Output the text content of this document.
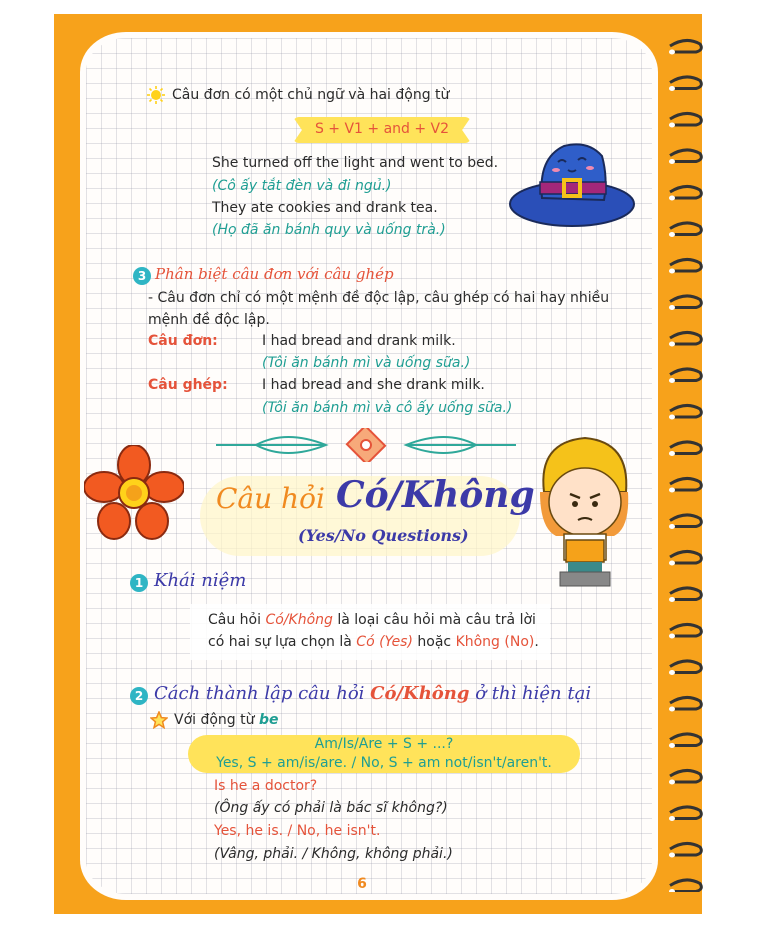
Câu đơn có một chủ ngữ và hai động từ
S + V1 + and + V2
She turned off the light and went to bed.
(Cô ấy tắt đèn và đi ngủ.)
They ate cookies and drank tea.
(Họ đã ăn bánh quy và uống trà.)
3 Phân biệt câu đơn với câu ghép
- Câu đơn chỉ có một mệnh đề độc lập, câu ghép có hai hay nhiều
mệnh đề độc lập.
Câu đơn:	I had bread and drank milk.
(Tôi ăn bánh mì và uống sữa.)
Câu ghép: I had bread and she drank milk.
(Tôi ăn bánh mì và cô ấy uống sữa.)
Câu hỏi Có/Không
(Yes/No Questions)
1 Khái niệm
Câu hỏi Có/Không là loại câu hỏi mà câu trả lời
có hai sự lựa chọn là Có (Yes) hoặc Không (No).
2 Cách thành lập câu hỏi Có/Không ở thì hiện tại
Với động từ be
Am/Is/Are + S + ...?
Yes, S + am/is/are. / No, S + am not/isn't/aren't.
Is he a doctor?
(Ông ấy có phải là bác sĩ không?)
Yes, he is. / No, he isn't.
(Vâng, phải. / Không, không phải.)
6
